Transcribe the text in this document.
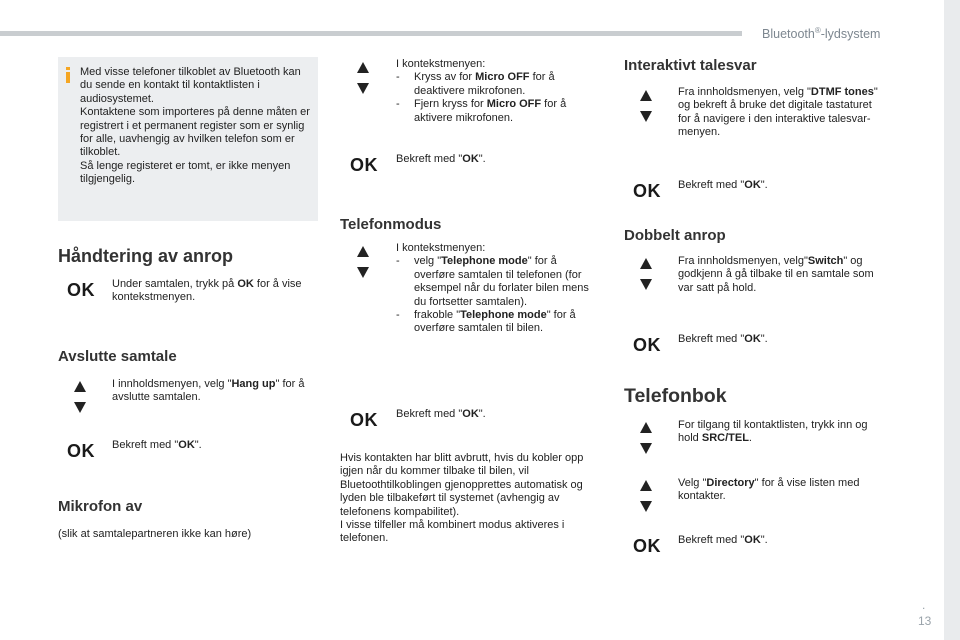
Bluetooth®-lydsystem
.
13
Med visse telefoner tilkoblet av Bluetooth kan du sende en kontakt til kontaktlisten i audiosystemet.
Kontaktene som importeres på denne måten er registrert i et permanent register som er synlig for alle, uavhengig av hvilken telefon som er tilkoblet.
Så lenge registeret er tomt, er ikke menyen tilgjengelig.
Håndtering av anrop
OK Under samtalen, trykk på OK for å vise kontekstmenyen.
Avslutte samtale
I innholdsmenyen, velg "Hang up" for å avslutte samtalen.
OK Bekreft med "OK".
Mikrofon av
(slik at samtalepartneren ikke kan høre)
I kontekstmenyen:
- Kryss av for Micro OFF for å deaktivere mikrofonen.
- Fjern kryss for Micro OFF for å aktivere mikrofonen.
OK Bekreft med "OK".
Telefonmodus
I kontekstmenyen:
- velg "Telephone mode" for å overføre samtalen til telefonen (for eksempel når du forlater bilen mens du fortsetter samtalen).
- frakoble "Telephone mode" for å overføre samtalen til bilen.
OK Bekreft med "OK".
Hvis kontakten har blitt avbrutt, hvis du kobler opp igjen når du kommer tilbake til bilen, vil Bluetoothtilkoblingen gjenopprettes automatisk og lyden ble tilbakeført til systemet (avhengig av telefonens kompabilitet).
I visse tilfeller må kombinert modus aktiveres i telefonen.
Interaktivt talesvar
Fra innholdsmenyen, velg "DTMF tones" og bekreft å bruke det digitale tastaturet for å navigere i den interaktive talesvar-menyen.
OK Bekreft med "OK".
Dobbelt anrop
Fra innholdsmenyen, velg"Switch" og godkjenn å gå tilbake til en samtale som var satt på hold.
OK Bekreft med "OK".
Telefonbok
For tilgang til kontaktlisten, trykk inn og hold SRC/TEL.
Velg "Directory" for å vise listen med kontakter.
OK Bekreft med "OK".
